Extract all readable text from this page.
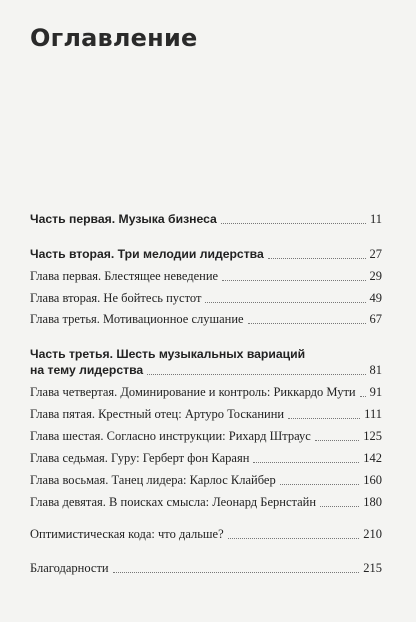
Оглавление
Часть первая. Музыка бизнеса	11
Часть вторая. Три мелодии лидерства	27
Глава первая. Блестящее неведение	29
Глава вторая. Не бойтесь пустот	49
Глава третья. Мотивационное слушание	67
Часть третья. Шесть музыкальных вариаций
на тему лидерства	81
Глава четвертая. Доминирование и контроль: Риккардо Мути 91
Глава пятая. Крестный отец: Артуро Тосканини	111
Глава шестая. Согласно инструкции: Рихард Штраус	125
Глава седьмая. Гуру: Герберт фон Караян	142
Глава восьмая. Танец лидера: Карлос Клайбер	160
Глава девятая. В поисках смысла: Леонард Бернстайн	180
Оптимистическая кода: что дальше?	210
Благодарности	215
